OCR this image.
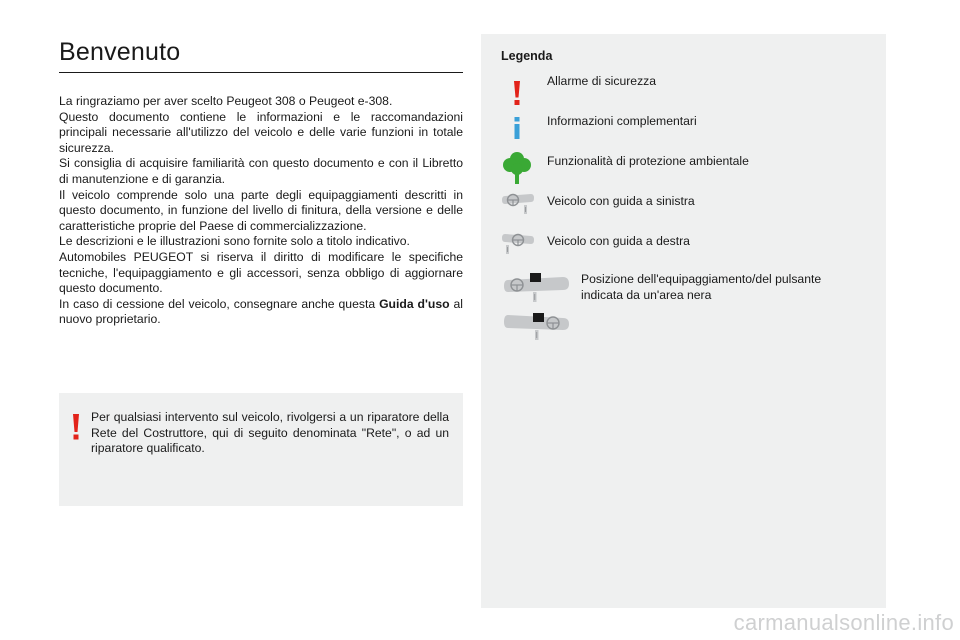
Benvenuto

La ringraziamo per aver scelto Peugeot 308 o Peugeot e-308.

Questo documento contiene le informazioni e le raccomandazioni principali necessarie all'utilizzo del veicolo e delle varie funzioni in totale sicurezza.

Si consiglia di acquisire familiarità con questo documento e con il Libretto di manutenzione e di garanzia.

Il veicolo comprende solo una parte degli equipaggiamenti descritti in questo documento, in funzione del livello di finitura, della versione e delle caratteristiche proprie del Paese di commercializzazione.

Le descrizioni e le illustrazioni sono fornite solo a titolo indicativo.

Automobiles PEUGEOT si riserva il diritto di modificare le specifiche tecniche, l'equipaggiamento e gli accessori, senza obbligo di aggiornare questo documento.

In caso di cessione del veicolo, consegnare anche questa Guida d'uso al nuovo proprietario.

Per qualsiasi intervento sul veicolo, rivolgersi a un riparatore della Rete del Costruttore, qui di seguito denominata "Rete", o ad un riparatore qualificato.
Legenda
Allarme di sicurezza
Informazioni complementari
Funzionalità di protezione ambientale
Veicolo con guida a sinistra
Veicolo con guida a destra
Posizione dell'equipaggiamento/del pulsante indicata da un'area nera
carmanualsonline.info
